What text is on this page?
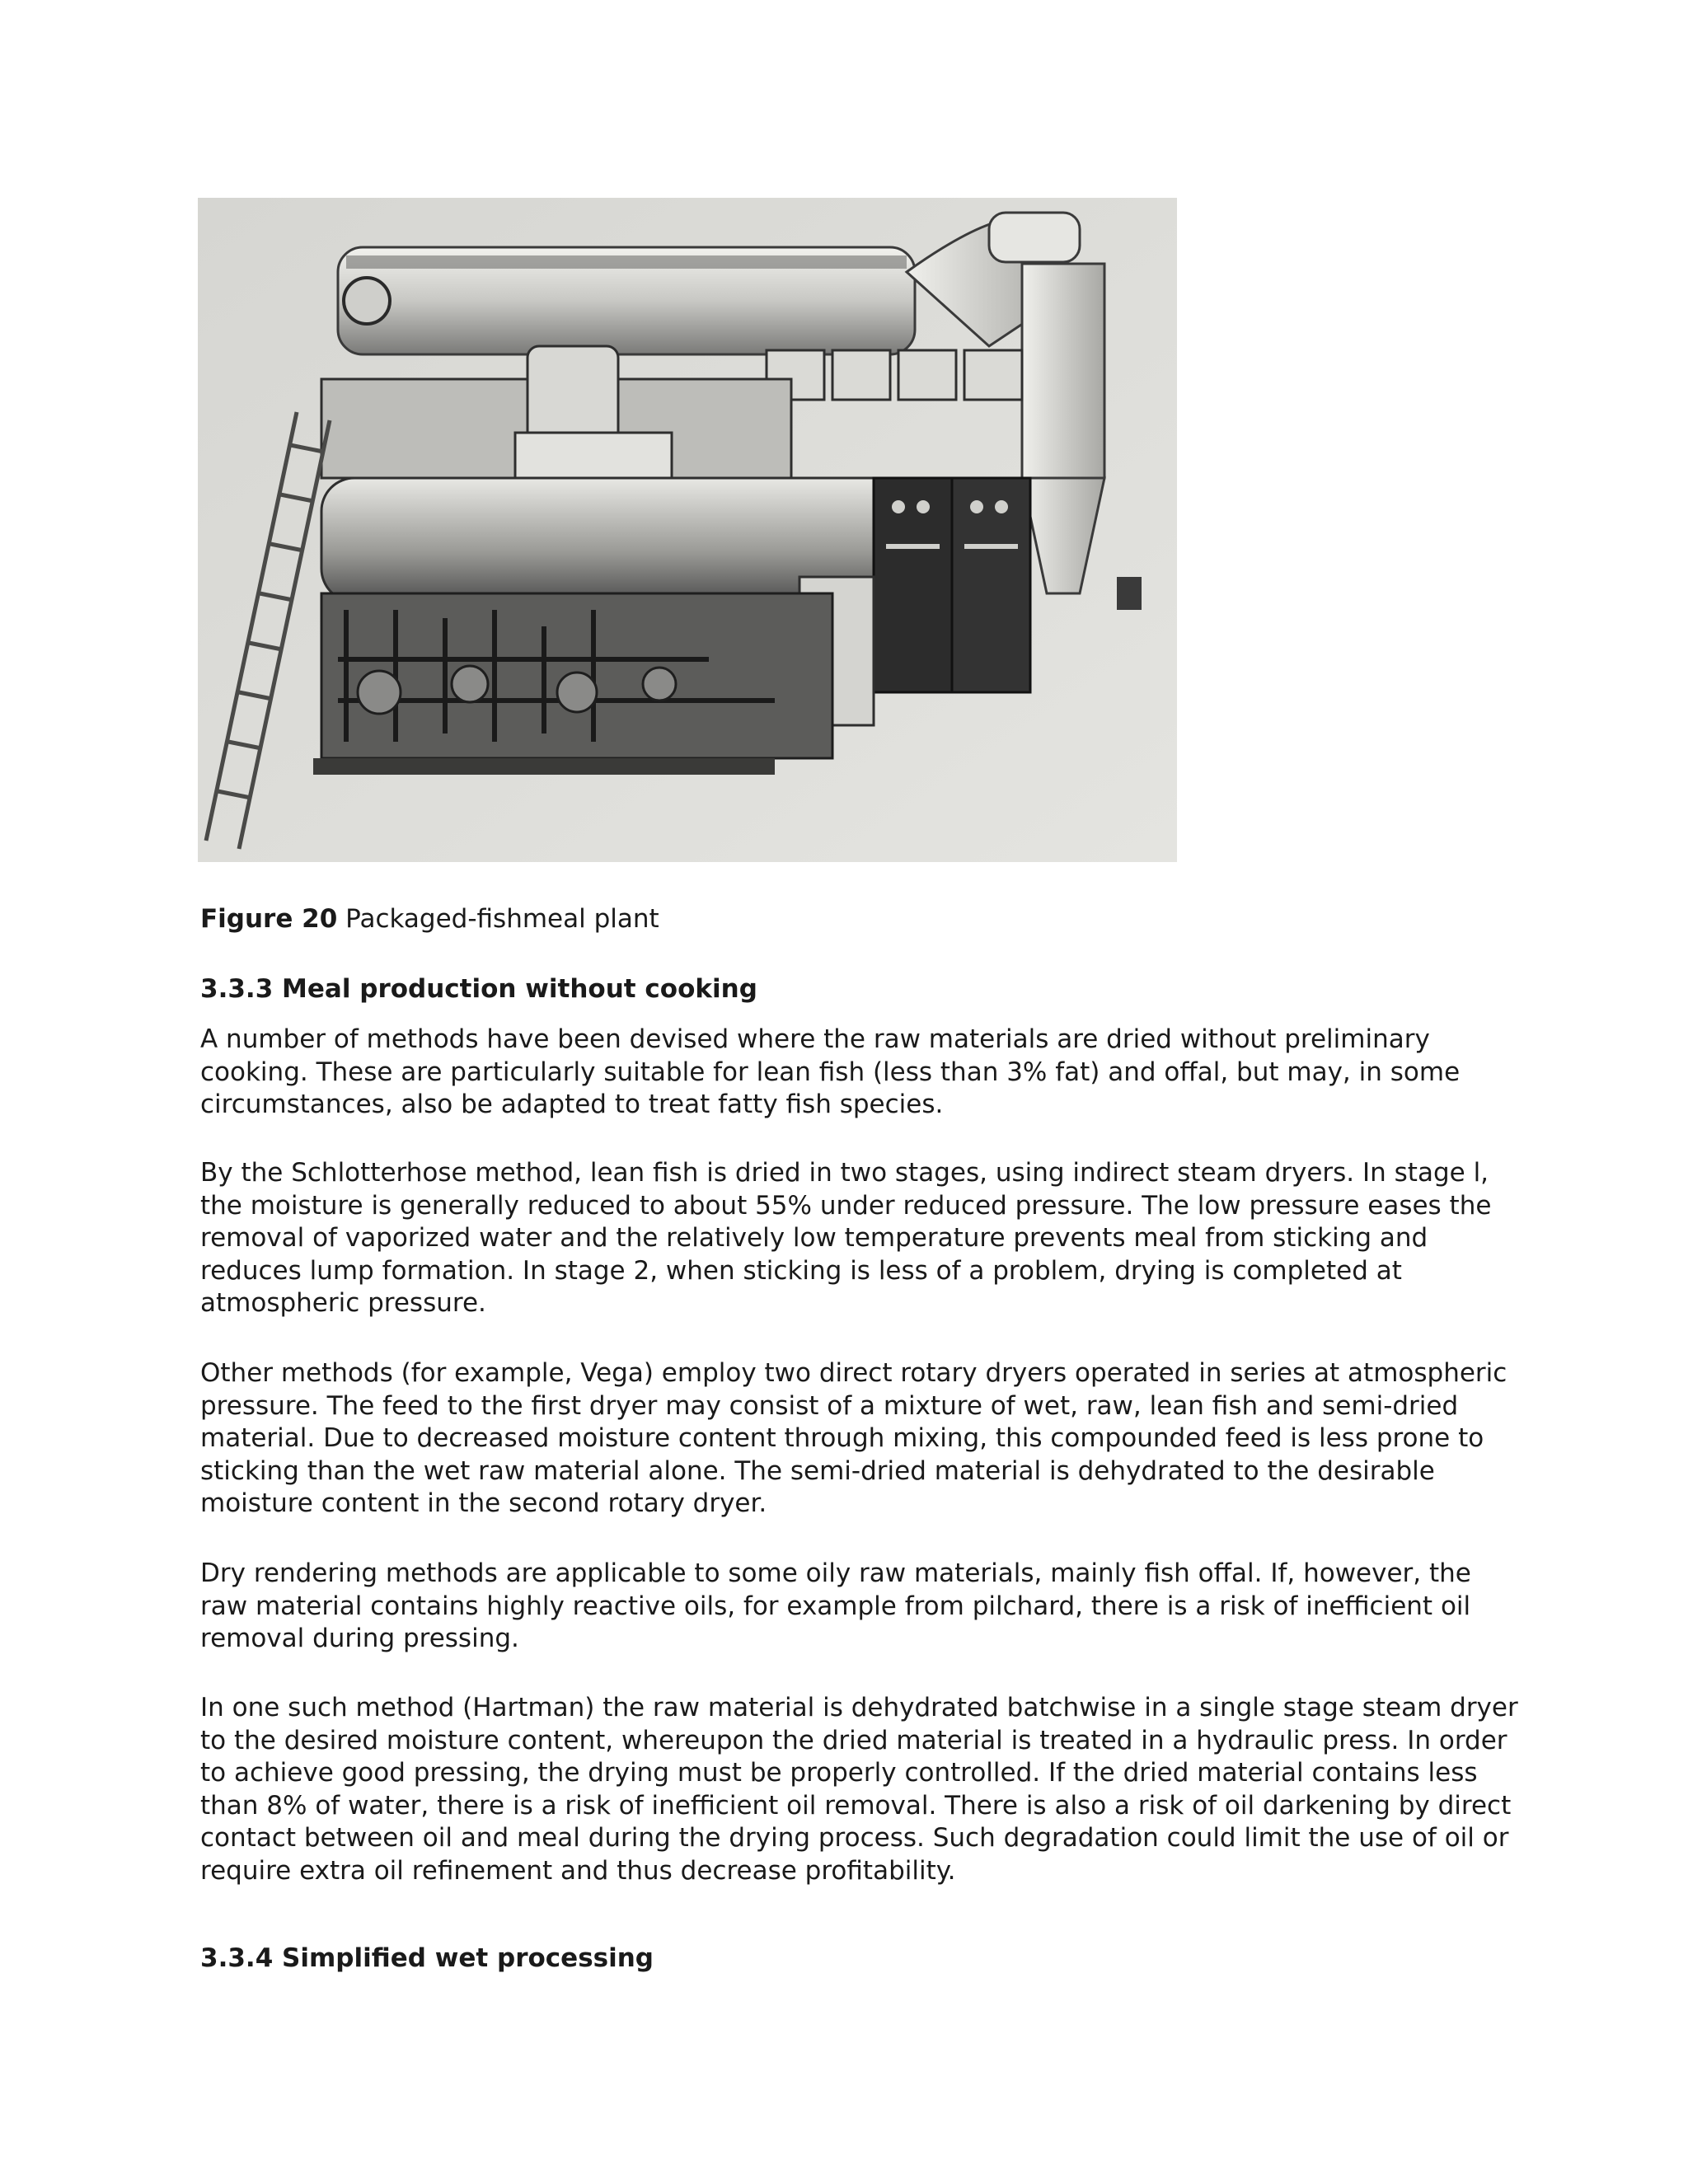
Figure 20 Packaged-fishmeal plant
3.3.3 Meal production without cooking

A number of methods have been devised where the raw materials are dried without preliminary
cooking. These are particularly suitable for lean fish (less than 3% fat) and offal, but may, in some
circumstances, also be adapted to treat fatty fish species.

By the Schlotterhose method, lean fish is dried in two stages, using indirect steam dryers. In stage l,
the moisture is generally reduced to about 55% under reduced pressure. The low pressure eases the
removal of vaporized water and the relatively low temperature prevents meal from sticking and
reduces lump formation. In stage 2, when sticking is less of a problem, drying is completed at
atmospheric pressure.

Other methods (for example, Vega) employ two direct rotary dryers operated in series at atmospheric
pressure. The feed to the first dryer may consist of a mixture of wet, raw, lean fish and semi-dried
material. Due to decreased moisture content through mixing, this compounded feed is less prone to
sticking than the wet raw material alone. The semi-dried material is dehydrated to the desirable
moisture content in the second rotary dryer.

Dry rendering methods are applicable to some oily raw materials, mainly fish offal. If, however, the
raw material contains highly reactive oils, for example from pilchard, there is a risk of inefficient oil
removal during pressing.

In one such method (Hartman) the raw material is dehydrated batchwise in a single stage steam dryer
to the desired moisture content, whereupon the dried material is treated in a hydraulic press. In order
to achieve good pressing, the drying must be properly controlled. If the dried material contains less
than 8% of water, there is a risk of inefficient oil removal. There is also a risk of oil darkening by direct
contact between oil and meal during the drying process. Such degradation could limit the use of oil or
require extra oil refinement and thus decrease profitability.

3.3.4 Simplified wet processing
